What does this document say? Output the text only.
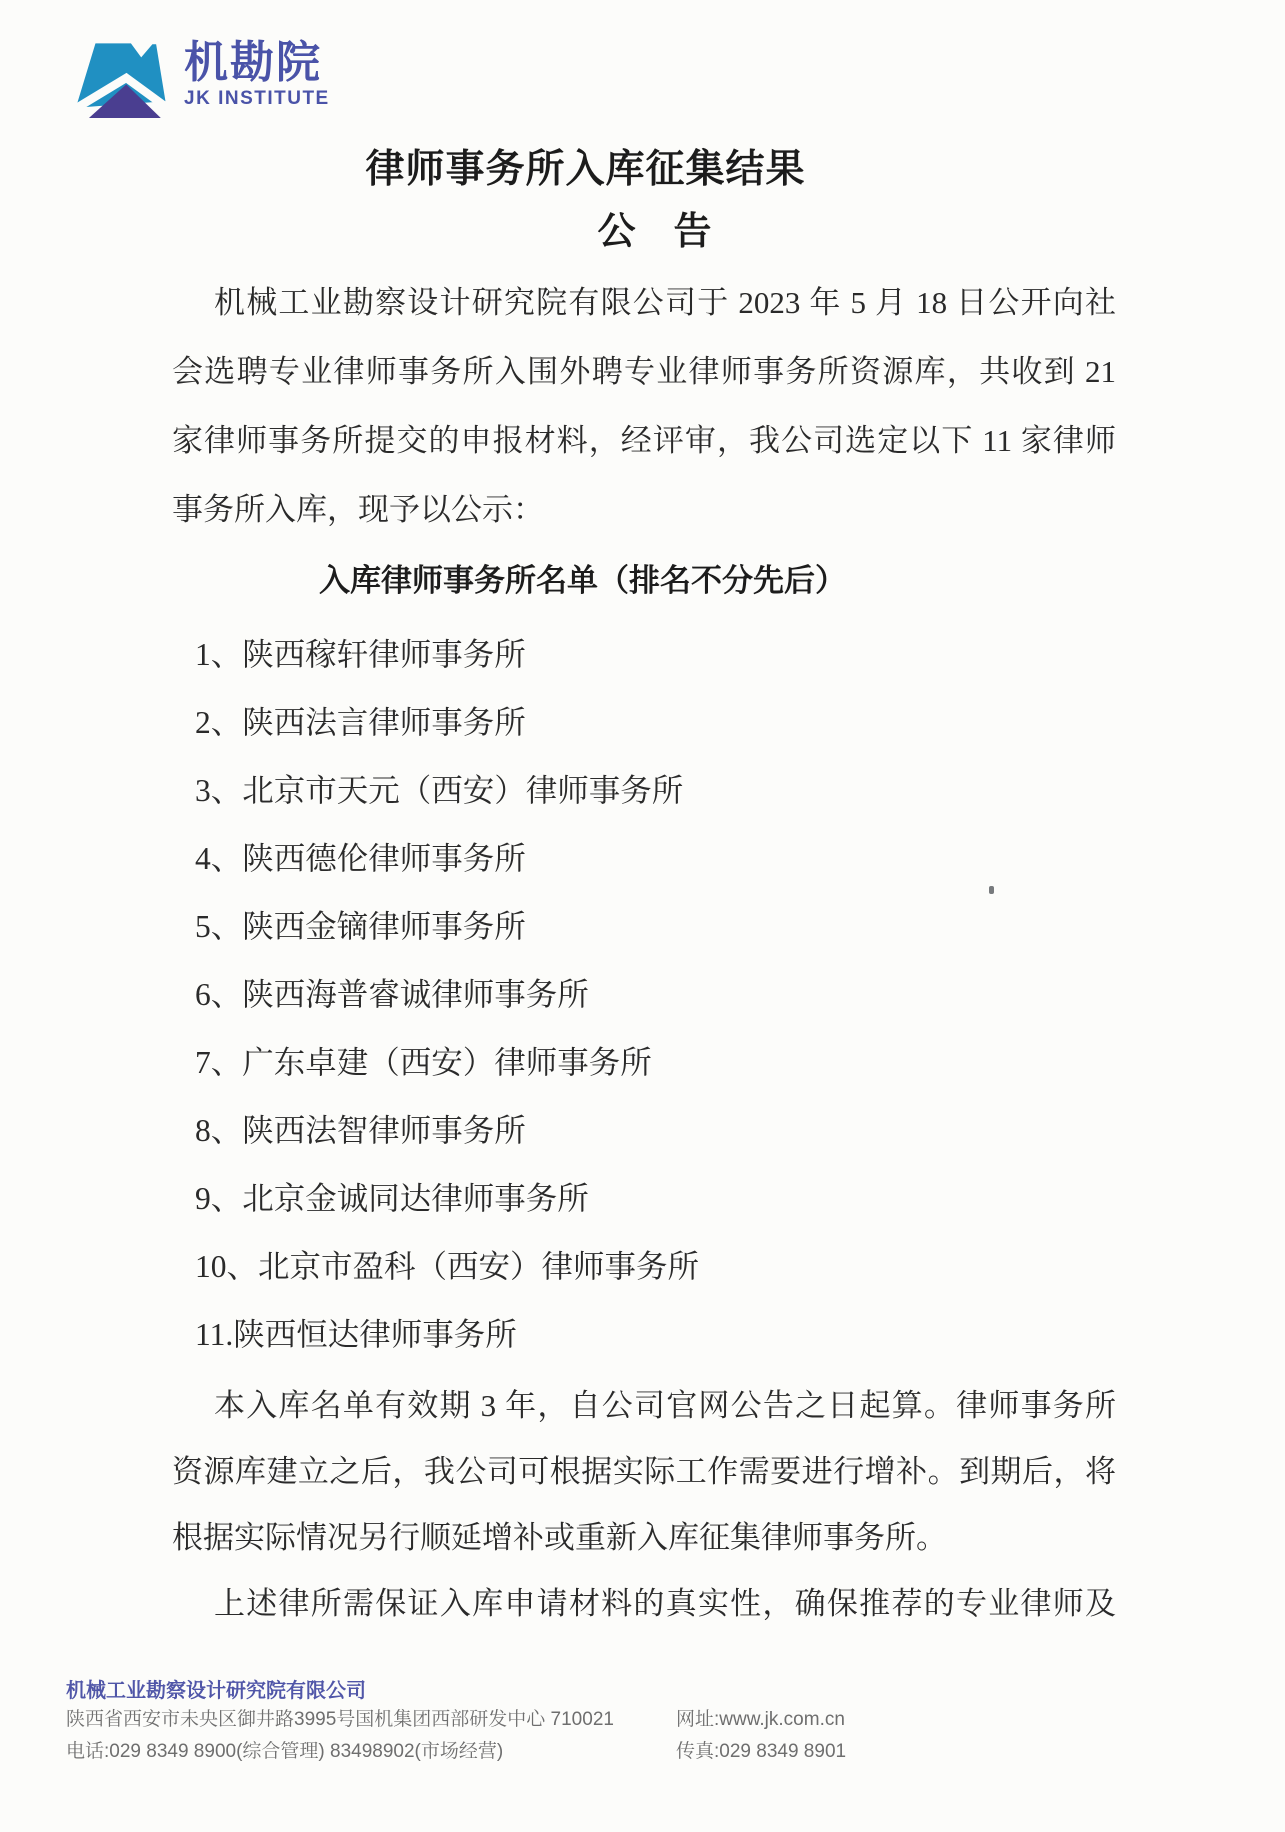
机勘院
JK INSTITUTE
律师事务所入库征集结果
公　告
机械工业勘察设计研究院有限公司于 2023 年 5 月 18 日公开向社
会选聘专业律师事务所入围外聘专业律师事务所资源库，共收到 21
家律师事务所提交的申报材料，经评审，我公司选定以下 11 家律师
事务所入库，现予以公示：
入库律师事务所名单（排名不分先后）
1、陕西稼轩律师事务所
2、陕西法言律师事务所
3、北京市天元（西安）律师事务所
4、陕西德伦律师事务所
5、陕西金镝律师事务所
6、陕西海普睿诚律师事务所
7、广东卓建（西安）律师事务所
8、陕西法智律师事务所
9、北京金诚同达律师事务所
10、北京市盈科（西安）律师事务所
11.陕西恒达律师事务所
本入库名单有效期 3 年，自公司官网公告之日起算。律师事务所
资源库建立之后，我公司可根据实际工作需要进行增补。到期后，将
根据实际情况另行顺延增补或重新入库征集律师事务所。
上述律所需保证入库申请材料的真实性，确保推荐的专业律师及
机械工业勘察设计研究院有限公司
陕西省西安市未央区御井路3995号国机集团西部研发中心 710021
电话:029 8349 8900(综合管理) 83498902(市场经营)
网址:www.jk.com.cn
传真:029 8349 8901
